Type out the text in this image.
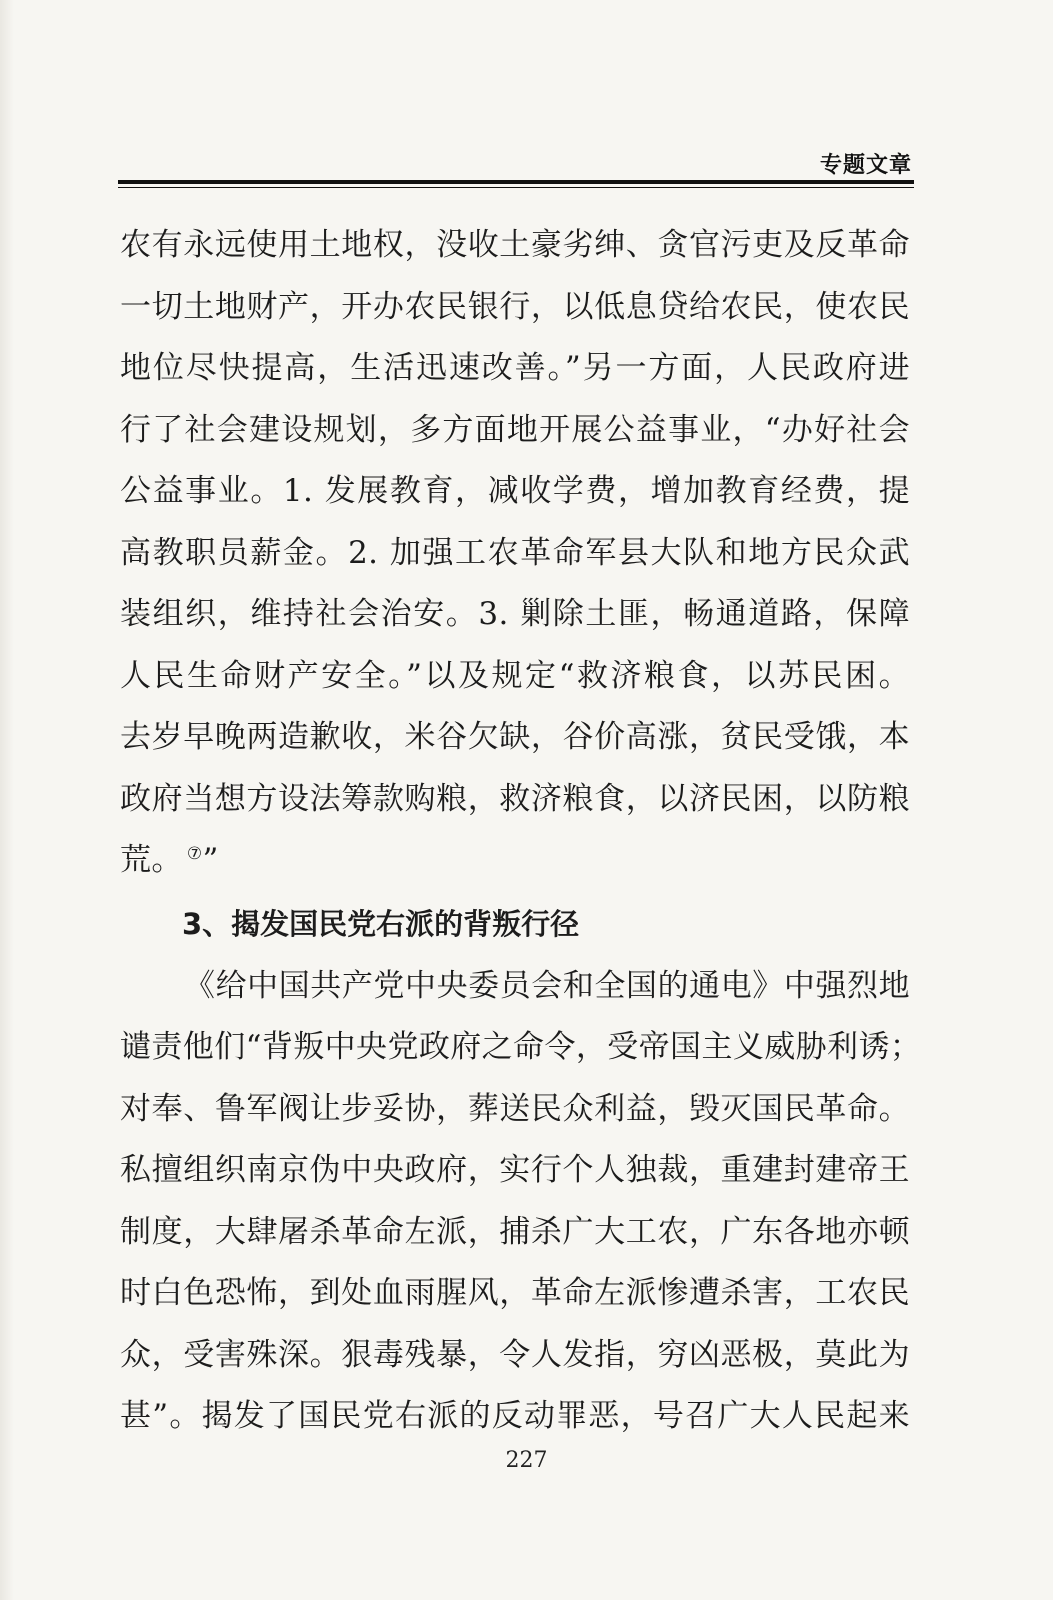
专题文章
农有永远使用土地权，没收土豪劣绅、贪官污吏及反革命
一切土地财产，开办农民银行，以低息贷给农民，使农民
地位尽快提高，生活迅速改善。”另一方面，人民政府进
行了社会建设规划，多方面地开展公益事业，“办好社会
公益事业。1. 发展教育，减收学费，增加教育经费，提
高教职员薪金。2. 加强工农革命军县大队和地方民众武
装组织，维持社会治安。3. 剿除土匪，畅通道路，保障
人民生命财产安全。”以及规定“救济粮食，以苏民困。
去岁早晚两造歉收，米谷欠缺，谷价高涨，贫民受饿，本
政府当想方设法筹款购粮，救济粮食，以济民困，以防粮
荒。 ⑦”
3、揭发国民党右派的背叛行径
《给中国共产党中央委员会和全国的通电》中强烈地
谴责他们“背叛中央党政府之命令，受帝国主义威胁利诱；
对奉、鲁军阀让步妥协，葬送民众利益，毁灭国民革命。
私擅组织南京伪中央政府，实行个人独裁，重建封建帝王
制度，大肆屠杀革命左派，捕杀广大工农，广东各地亦顿
时白色恐怖，到处血雨腥风，革命左派惨遭杀害，工农民
众，受害殊深。狠毒残暴，令人发指，穷凶恶极，莫此为
甚”。揭发了国民党右派的反动罪恶，号召广大人民起来
227
